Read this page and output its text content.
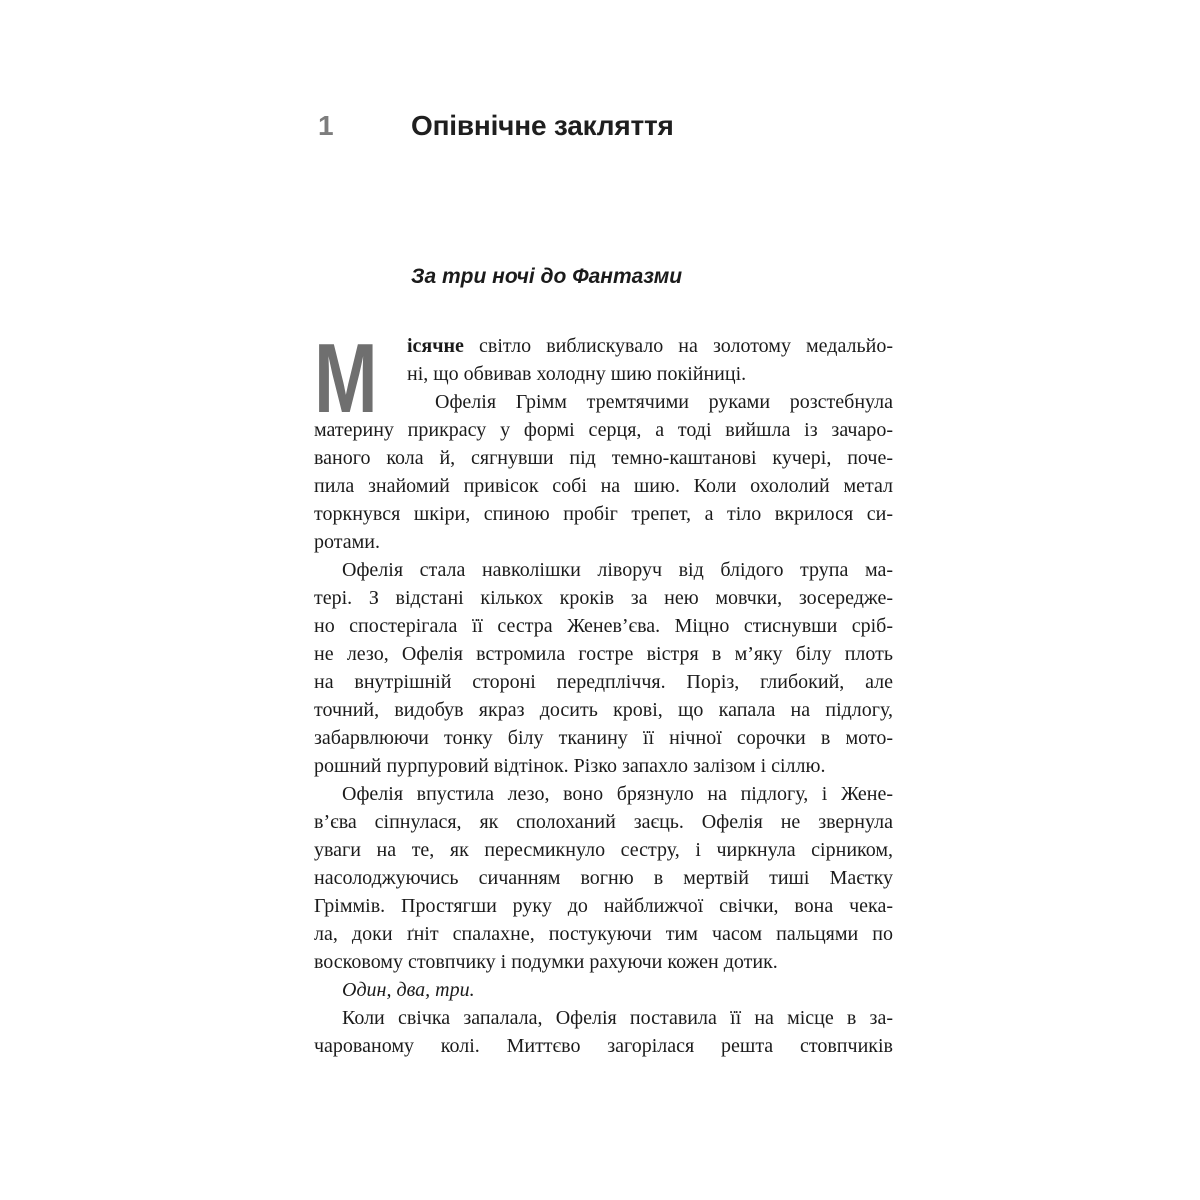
1	Опівнічне закляття
За три ночі до Фантазми
М	ісячне світло виблискувало на золотому медальйо-
ні, що обвивав холодну шию покійниці.
Офелія Грімм тремтячими руками розстебнула
материну прикрасу у формі серця, а тоді вийшла із зачаро-
ваного кола й, сягнувши під темно-каштанові кучері, поче-
пила знайомий привісок собі на шию. Коли охололий метал
торкнувся шкіри, спиною пробіг трепет, а тіло вкрилося си-
ротами.
Офелія стала навколішки ліворуч від блідого трупа ма-
тері. З відстані кількох кроків за нею мовчки, зосередже-
но спостерігала її сестра Женев’єва. Міцно стиснувши сріб-
не лезо, Офелія встромила гостре вістря в м’яку білу плоть
на внутрішній стороні передпліччя. Поріз, глибокий, але
точний, видобув якраз досить крові, що капала на підлогу,
забарвлюючи тонку білу тканину її нічної сорочки в мото-
рошний пурпуровий відтінок. Різко запахло залізом і сіллю.
Офелія впустила лезо, воно брязнуло на підлогу, і Жене-
в’єва сіпнулася, як сполоханий заєць. Офелія не звернула
уваги на те, як пересмикнуло сестру, і чиркнула сірником,
насолоджуючись сичанням вогню в мертвій тиші Маєтку
Гріммів. Простягши руку до найближчої свічки, вона чека-
ла, доки ґніт спалахне, постукуючи тим часом пальцями по
восковому стовпчику і подумки рахуючи кожен дотик.
Один, два, три.
Коли свічка запалала, Офелія поставила її на місце в за-
чарованому колі. Миттєво загорілася решта стовпчиків
